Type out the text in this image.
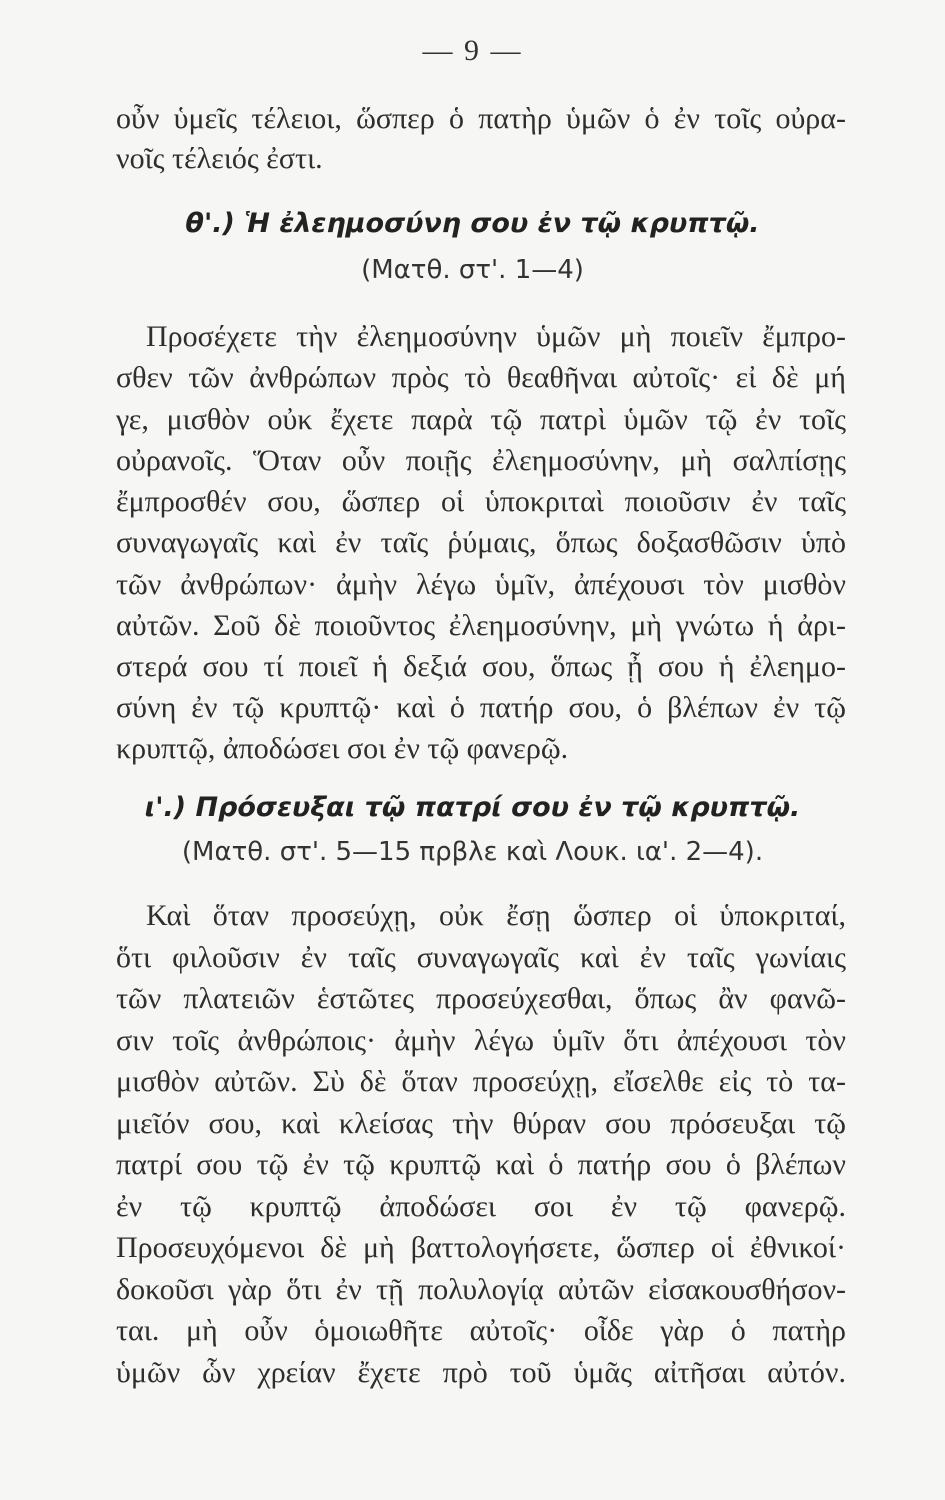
— 9 —
οὖν ὑμεῖς τέλειοι, ὥσπερ ὁ πατὴρ ὑμῶν ὁ ἐν τοῖς οὐρα-
νοῖς τέλειός ἐστι.
θ'.) Ἡ ἐλεημοσύνη σου ἐν τῷ κρυπτῷ.
(Ματθ. στ'. 1—4)
Προσέχετε τὴν ἐλεημοσύνην ὑμῶν μὴ ποιεῖν ἔμπρο-
σθεν τῶν ἀνθρώπων πρὸς τὸ θεαθῆναι αὐτοῖς· εἰ δὲ μή
γε, μισθὸν οὐκ ἔχετε παρὰ τῷ πατρὶ ὑμῶν τῷ ἐν τοῖς
οὐρανοῖς. Ὅταν οὖν ποιῇς ἐλεημοσύνην, μὴ σαλπίσῃς
ἔμπροσθέν σου, ὥσπερ οἱ ὑποκριταὶ ποιοῦσιν ἐν ταῖς
συναγωγαῖς καὶ ἐν ταῖς ῥύμαις, ὅπως δοξασθῶσιν ὑπὸ
τῶν ἀνθρώπων· ἀμὴν λέγω ὑμῖν, ἀπέχουσι τὸν μισθὸν
αὐτῶν. Σοῦ δὲ ποιοῦντος ἐλεημοσύνην, μὴ γνώτω ἡ ἀρι-
στερά σου τί ποιεῖ ἡ δεξιά σου, ὅπως ᾖ σου ἡ ἐλεημο-
σύνη ἐν τῷ κρυπτῷ· καὶ ὁ πατήρ σου, ὁ βλέπων ἐν τῷ
κρυπτῷ, ἀποδώσει σοι ἐν τῷ φανερῷ.
ι'.) Πρόσευξαι τῷ πατρί σου ἐν τῷ κρυπτῷ.
(Ματθ. στ'. 5—15 πρβλε καὶ Λουκ. ια'. 2—4).
Καὶ ὅταν προσεύχῃ, οὐκ ἔσῃ ὥσπερ οἱ ὑποκριταί,
ὅτι φιλοῦσιν ἐν ταῖς συναγωγαῖς καὶ ἐν ταῖς γωνίαις
τῶν πλατειῶν ἑστῶτες προσεύχεσθαι, ὅπως ἂν φανῶ-
σιν τοῖς ἀνθρώποις· ἀμὴν λέγω ὑμῖν ὅτι ἀπέχουσι τὸν
μισθὸν αὐτῶν. Σὺ δὲ ὅταν προσεύχῃ, εἴσελθε εἰς τὸ τα-
μιεῖόν σου, καὶ κλείσας τὴν θύραν σου πρόσευξαι τῷ
πατρί σου τῷ ἐν τῷ κρυπτῷ καὶ ὁ πατήρ σου ὁ βλέπων
ἐν τῷ κρυπτῷ ἀποδώσει σοι ἐν τῷ φανερῷ.
Προσευχόμενοι δὲ μὴ βαττολογήσετε, ὥσπερ οἱ ἐθνικοί·
δοκοῦσι γὰρ ὅτι ἐν τῇ πολυλογίᾳ αὐτῶν εἰσακουσθήσον-
ται. μὴ οὖν ὁμοιωθῆτε αὐτοῖς· οἶδε γὰρ ὁ πατὴρ
ὑμῶν ὧν χρείαν ἔχετε πρὸ τοῦ ὑμᾶς αἰτῆσαι αὐτόν.
